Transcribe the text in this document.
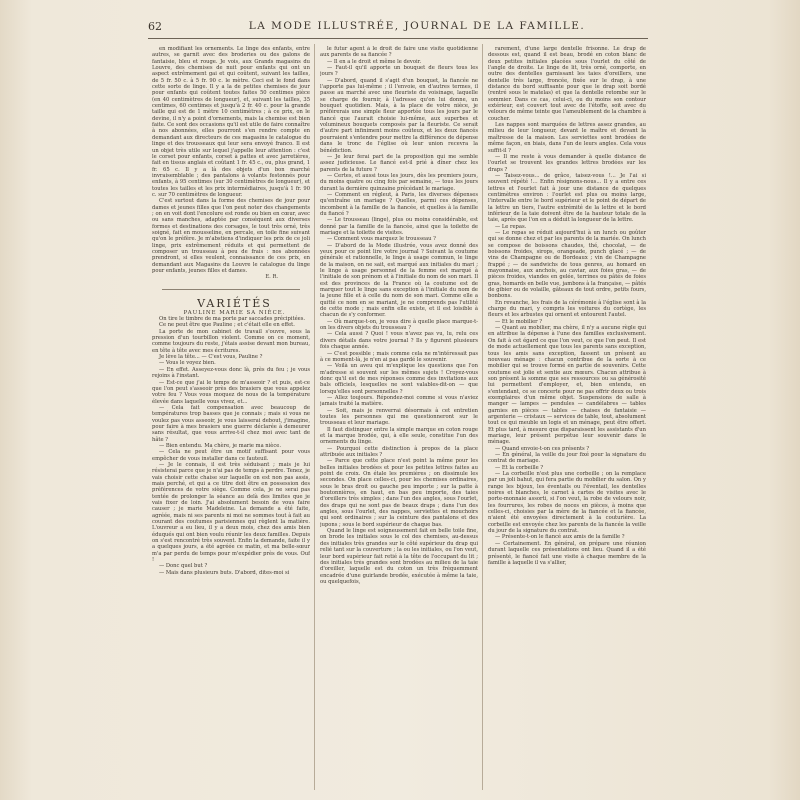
62	LA MODE ILLUSTRÉE, JOURNAL DE LA FAMILLE.

en modifiant les ornements. Le linge des enfants, entre autres, se garnit avec des broderies ou des galons de fantaisie, bleu et rouge. Je vois, aux Grands magasins du Louvre, des chemises de nuit pour enfants qui ont un aspect extrêmement gai et qui coûtent, suivant les tailles, de 5 fr. 50 c. à 5 fr. 90 c. le mètre. Ceci est le fond dans cette sorte de linge. Il y a la de petites chemises de jour pour enfants qui coûtent toutes faites 50 centimes pièce (en 40 centimètres de longueur), et, suivant les tailles, 35 centimes, 60 centimes et jusqu'à 2 fr. 40 c. pour la grande taille qui est de 1 mètre 10 centimètres ; à ce prix, on le devine, il n'y a point d'ornements, mais la chemise est bien faite. Ce sont des occasions qu'il est utile de faire connaître à nos abonnées, elles pourront s'en rendre compte en demandant aux directeurs de ces magasins le catalogue du linge et des trousseaux qui leur sera envoyé franco. Il est un objet très utile sur lequel j'appelle leur attention : c'est le corset pour enfants, corset à pattes et avec jarretières, fait en tissus anglais et coûtant 1 fr. 45 c., ou, plus grand, 1 fr. 65 c. Il y a là des objets d'un bon marché invraisemblable ; des pantalons à volants festonnés pour enfants, à 95 centimes (sur 30 centimètres de longueur), et toutes les tailles et les prix intermédiaires, jusqu'à 1 fr. 90 c. sur 70 centimètres de longueur.

C'est surtout dans la forme des chemises de jour pour dames et jeunes filles que l'on peut noter des changements ; on en voit dont l'encolure est ronde ou bien en cœur, avec ou sans manches, adaptée par conséquent aux diverses formes et destinations des corsages, le tout très orné, très soigné, fait en mousseline, en percale, en toile fine suivant qu'on le préfère. Je m'abstiens d'indiquer les prix de ce joli linge, prix extrêmement réduits et qui permettent de composer un trousseau à peu de frais : nos abonnées prendront, si elles veulent, connaissance de ces prix, en demandant aux Magasins du Louvre le catalogue du linge pour enfants, jeunes filles et dames.

E. R.

VARIÉTÉS

PAULINE MARIE SA NIÈCE.

On tire le timbre de ma porte par saccades précipitées.

Ce ne peut être que Pauline ; et c'était elle en effet.

La porte de mon cabinet de travail s'ouvre, sous la pression d'un tourbillon violent. Comme on ce moment, comme toujours du reste, j'étais assise devant mon bureau, en tête à tête avec mes écritures.

Je lève la tête... — C'est vous, Pauline ?

— Vous le voyez bien.

— En effet. Asseyez-vous donc là, près du feu ; je vous rejoins à l'instant.

— Est-ce que j'ai le temps de m'asseoir ? et puis, est-ce que l'on peut s'asseoir près des brasiers que vous appelez votre feu ? Vous vous moquez de nous de la température élevée dans laquelle vous vivez, et...

— Cela fait compensation avec beaucoup de températures trop basses que je connais ; mais si vous ne voulez pas vous asseoir, je vous laisserai debout, j'imagine, pour faire à mes brasiers une guerre déclarée à demeurer sans résultat, que vous arrive-t-il chez moi avec tant de hâte ?

— Bien entendu. Ma chère, je marie ma nièce.

— Cela ne peut être un motif suffisant pour vous empêcher de vous installer dans ce fauteuil.

— Je le connais, il est très séduisant ; mais je lui résisterai parce que je n'ai pas de temps à perdre. Tenez, je vais choisir cette chaise sur laquelle on est non pas assis, mais perché, et qui a ce titre doit être en possession des préférences de votre siège. Comme cela, je ne serai pas tentée de prolonger la séance au delà des limites que je vais fixer de loin. J'ai absolument besoin de vous faire causer ; je marie Madeleine. La demande a été faite, agréée, mais ni ses parents ni moi ne sommes tout à fait au courant des coutumes parisiennes qui règlent la matière. L'ouvreur a eu lieu, il y a deux mois, chez des amis bien éduqués qui ont bien voulu réunir les deux familles. Depuis on s'est rencontré très souvent. Enfin la demande, faite il y a quelques jours, a été agréée ce matin, et ma belle-sœur m'a par perdu de temps pour m'expédier près de vous. Ouf !

— Donc quel but ?

— Mais dans plusieurs buts. D'abord, dites-moi si

le futur agent à le droit de faire une visite quotidienne aux parents de sa fiancée ?

— Il en a le droit et même le devoir.

— Faut-il qu'il apporte un bouquet de fleurs tous les jours ?

— D'abord, quand il s'agit d'un bouquet, la fiancée ne l'apporte pas lui-même ; il l'envoie, en d'autres termes, il passe au marché avec une fleuriste du voisinage, laquelle se charge de fournir, à l'adresse qu'on lui donne, un bouquet quotidien. Mais, à la place de votre nièce, je préférerais une simple fleur apportée tous les jours par le fiancé que l'aurait choisie lui-même, aux superbes et volumineux bouquets composés par la fleuriste. Ce serait d'autre part infiniment moins coûteux, et les deux fiancés pourraient s'entendre pour mettre la différence de dépense dans le tronc de l'église où leur union recevra la bénédiction.

— Je leur ferai part de la proposition qui me semble assez judicieuse. Le fiancé est-il prié à dîner chez les parents de la future ?

— Certes, et aussi tous les jours, dès les premiers jours, du moins quatre ou cinq fois par semaine, — tous les jours durant la dernière quinzaine précédant le mariage.

— Comment en régleut, à Paris, les diverses dépenses qu'entraîne un mariage ? Quelles, parmi ces dépenses, incombent à la famille de la fiancée, et quelles à la famille du fiancé ?

— Le trousseau (linge), plus ou moins considérable, est donné par la famille de la fiancée, ainsi que la toilette de mariage et la toilette de visites.

— Comment vous marquez le trousseau ?

— D'abord de la Mode illustrée, vous avez donné des yeux pour ce point lire votre journal ? Suivant la coutume générale et rationnelle, le linge à usage commun, le linge de la maison, on ne sait, est marqué aux initiales du mari ; le linge à usage personnel de la femme est marqué à l'initiale de son prénom et à l'initiale du nom de son mari. Il est des provinces de la France où la coutume est de marquer tout le linge sans exception à l'initiale du nom de la jeune fille et à celle du nom de son mari. Comme elle a quitté ce nom en se mariant, je ne comprends pas l'utilité de cette mode ; mais enfin elle existe, et il est loisible à chacun de s'y conformer.

— Où marque-t-on, je vous dire à quelle place marque-t-on les divers objets du trousseau ?

— Cela aussi ? Quoi ! vous n'avez pas vu, lu, relu ces divers détails dans votre journal ? Ils y figurent plusieurs fois chaque année.

— C'est possible ; mais comme cela ne m'intéressait pas à ce moment-là, je n'en ai pas gardé le souvenir.

— Voilà un aveu qui m'explique les questions que l'on m'adresse si souvent sur les mêmes sujets ! Croyez-vous donc qu'il est de mes réponses comme des invitations aux bals officiels, lesquelles ne sont valables-dit-on — que lorsqu'elles sont personnelles ?

— Allez toujours. Répondez-moi comme si vous n'aviez jamais traité la matière.

— Soit, mais je renverrai désormais à cet entretien toutes les personnes qui me questionneront sur le trousseau et leur mariage.

Il faut distinguer entre la simple marque en coton rouge et la marque brodée, qui, à elle seule, constitue l'un des ornements du linge.

— Pourquoi cette distinction à propos de la place attribuée aux initiales ?

— Parce que cette place n'est point la même pour les belles initiales brodées et pour les petites lettres faites au point de croix. On étale les premières ; on dissimule les secondes. On place celles-ci, pour les chemises ordinaires, sous le bras droit ou gauche peu importe ; sur la patte à boutonnières, en haut, en bas peu importe, des taies d'oreillers très simples ; dans l'un des angles, sous l'ourlet, des draps qui ne sont pas de beaux draps ; dans l'un des angles, sous l'ourlet, des nappes, serviettes et mouchoirs qui sont ordinaires ; sur la ceinture des pantalons et des jupons ; sous le bord supérieur de chaque bas.

Quand le linge est soigneusement fait en belle toile fine, on brode les initiales sous le col des chemises, au-dessus des initiales très grandes sur le côté supérieur du drap qui relié tant sur la couverture ; la ou les initiales, ou l'on veut, leur bord supérieur fait retié à la tête de l'occupant du lit ; des initiales très grandes sont brodées au milieu de la taie d'oreiller, laquelle est du coton un très fréquemment encadrée d'une guirlande brodée, exécutée à même la taie, ou quelquefois,

rarement, d'une large dentelle frisonne. Le drap de dessous est, quand il est beau, brodé en coton blanc de deux petites initiales placées sous l'ourlet du côté de l'angle de droite. Le linge de lit, très orné, comporte, en outre des dentelles garnissant les taies d'oreillers, une dentelle très large, froncée, fixée sur le drap, à une distance du bord suffisante pour que le drap soit bordé (rentré sous le matelas) et que la dentelle retombe sur le sommier. Dans ce cas, celui-ci, ou du moins son contour extérieur, est couvert tout avec de l'étoffe, soit avec du velours de même teinte que l'ameublement de la chambre à coucher.

Les nappes sont marquées de lettres assez grandes, au milieu de leur longueur, devant le maître et devant la maîtresse de la maison. Les serviettes sont brodées de même façon, en biais, dans l'un de leurs angles. Cela vous suffit-il ?

— Il me reste à vous demander à quelle distance de l'ourlet se trouvent les grandes lettres brodées sur les draps ?

— Taisez-vous... de grâce, taisez-vous !... Je l'ai si souvent répété !... Enfin résignons-nous... Il y a entre ces lettres et l'ourlet fait à jour une distance de quelques centimètres environ : l'ourlet est plus ou moins large, l'intervalle entre le bord supérieur et le point de départ de la lettre un tiers, l'autre extrémité de la lettre et le bord inférieur de la taie doivent être de la hauteur totale de la taie, après que l'on en a déduit la longueur de la lettre.

— Le repas.

— Le repas se réduit aujourd'hui à un lunch ou goûter qui se donne chez et par les parents de la mariée. On lunch se compose de boissons chaudes, thé, chocolat, — de boissons froides, sirops, orangeade, punch glacé ; — de vins de Champagne ou de Bordeaux ; vin de Champagne frappé ; — de sandwichs de tous genres, au homard en mayonnaise, aux anchois, au caviar, aux foies gras, — de pièces froides, viandes en gelée, terrines ou pâtés de foies gras, homards en belle vue, jambons à la française, — pâtés de gibier ou de volaille, gâteaux de tout ordre, petits fours, bonbons.

En revanche, les frais de la cérémonie à l'église sont à la charge du mari, y compris les voitures du cortège, les fleurs et les arbustes qui ornent et entourent l'autel.

— Et le mobilier ?

— Quant au mobilier, ma chère, il n'y a aucune règle qui en attribue la dépense à l'une des familles exclusivement. On fait à cet égard ce que l'on veut, ce que l'on peut. Il est de mode actuellement que tous les parents sans exception, tous les amis sans exception, fassent un présent au nouveau ménage : chacun contribue de la sorte à ce mobilier qui se trouve formé en partie de souvenirs. Cette coutume est jolie et sentie aux mœurs. Chacun attribue à son présent la somme que ses ressources ou sa générosité lui permettent d'employer, et, bien entendu, en s'entendant, ce se concerte pour ne pas offrir deux ou trois exemplaires d'un même objet. Suspensions de salle à manger — lampes — pendules — candélabres — tables garnies en pièces — tables — chaises de fantaisie — argenterie — cristaux — services de table, tout, absolument tout ce qui meuble un logis et un ménage, peut être offert. Et plus tard, à mesure que disparaissent les assistants d'un mariage, leur présent perpétue leur souvenir dans le ménage.

— Quand envoie-t-on ces présents ?

— En général, la veille du jour fixé pour la signature du contrat de mariage.

— Et la corbeille ?

— La corbeille n'est plus une corbeille ; on la remplace par un joli bahut, qui fera partie du mobilier du salon. On y range les bijoux, les éventails ou l'éventail, les dentelles noires et blanches, le carnet à cartes de visites avec le porte-monnaie assorti, si l'on veut, la robe de velours noir, les fourrures, les robes de noces en pièces, à moins que celles-ci, choisies par la mère de la fiancée et la fiancée, n'aient été envoyées directement à la couturière. La corbeille est envoyée chez les parents de la fiancée la veille du jour de la signature du contrat.

— Présente-t-on le fiancé aux amis de la famille ?

— Certainement. En général, on prépare une réunion durant laquelle ces présentations ont lieu. Quand il a été présenté, le fiancé fait une visite à chaque membre de la famille à laquelle il va s'allier,
